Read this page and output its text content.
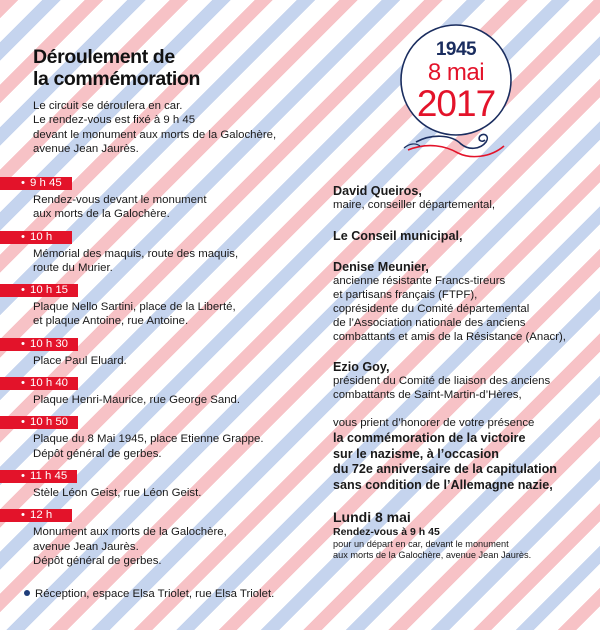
Déroulement de
la commémoration
Le circuit se déroulera en car.
Le rendez-vous est fixé à 9 h 45
devant le monument aux morts de la Galochère,
avenue Jean Jaurès.
• 9 h 45
Rendez-vous devant le monument
aux morts de la Galochère.
• 10 h
Mémorial des maquis, route des maquis,
route du Murier.
• 10 h 15
Plaque Nello Sartini, place de la Liberté,
et plaque Antoine, rue Antoine.
• 10 h 30
Place Paul Eluard.
• 10 h 40
Plaque Henri-Maurice, rue George Sand.
• 10 h 50
Plaque du 8 Mai 1945, place Etienne Grappe.
Dépôt général de gerbes.
• 11 h 45
Stèle Léon Geist, rue Léon Geist.
• 12 h
Monument aux morts de la Galochère,
avenue Jean Jaurès.
Dépôt général de gerbes.
Réception, espace Elsa Triolet, rue Elsa Triolet.
1945
8 mai
2017
David Queiros,
maire, conseiller départemental,
Le Conseil municipal,
Denise Meunier,
ancienne résistante Francs-tireurs
et partisans français (FTPF),
coprésidente du Comité départemental
de l’Association nationale des anciens
combattants et amis de la Résistance (Anacr),
Ezio Goy,
président du Comité de liaison des anciens
combattants de Saint-Martin-d’Hères,
vous prient d’honorer de votre présence
la commémoration de la victoire
sur le nazisme, à l’occasion
du 72e anniversaire de la capitulation
sans condition de l’Allemagne nazie,
Lundi 8 mai
Rendez-vous à 9 h 45
pour un départ en car, devant le monument
aux morts de la Galochère, avenue Jean Jaurès.
